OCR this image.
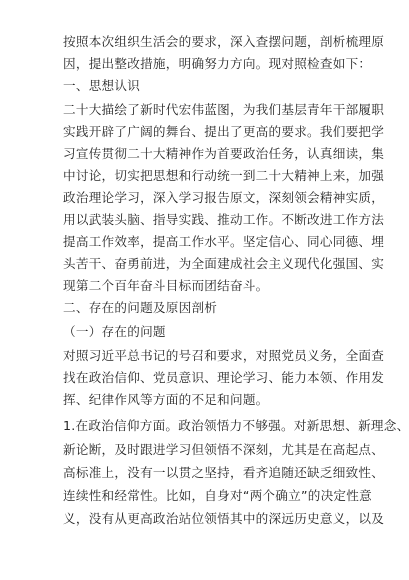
按照本次组织生活会的要求，深入查摆问题，剖析梳理原
因，提出整改措施，明确努力方向。现对照检查如下：
一、思想认识
二十大描绘了新时代宏伟蓝图，为我们基层青年干部履职
实践开辟了广阔的舞台、提出了更高的要求。我们要把学
习宣传贯彻二十大精神作为首要政治任务，认真细读，集
中讨论，切实把思想和行动统一到二十大精神上来，加强
政治理论学习，深入学习报告原文，深刻领会精神实质，
用以武装头脑、指导实践、推动工作。不断改进工作方法
提高工作效率，提高工作水平。坚定信心、同心同德、埋
头苦干、奋勇前进，为全面建成社会主义现代化强国、实
现第二个百年奋斗目标而团结奋斗。
二、存在的问题及原因剖析
（一）存在的问题
对照习近平总书记的号召和要求，对照党员义务，全面查
找在政治信仰、党员意识、理论学习、能力本领、作用发
挥、纪律作风等方面的不足和问题。
1.在政治信仰方面。政治领悟力不够强。对新思想、新理念、
新论断，及时跟进学习但领悟不深刻，尤其是在高起点、
高标准上，没有一以贯之坚持，看齐追随还缺乏细致性、
连续性和经常性。比如，自身对“两个确立”的决定性意
义，没有从更高政治站位领悟其中的深远历史意义，以及
